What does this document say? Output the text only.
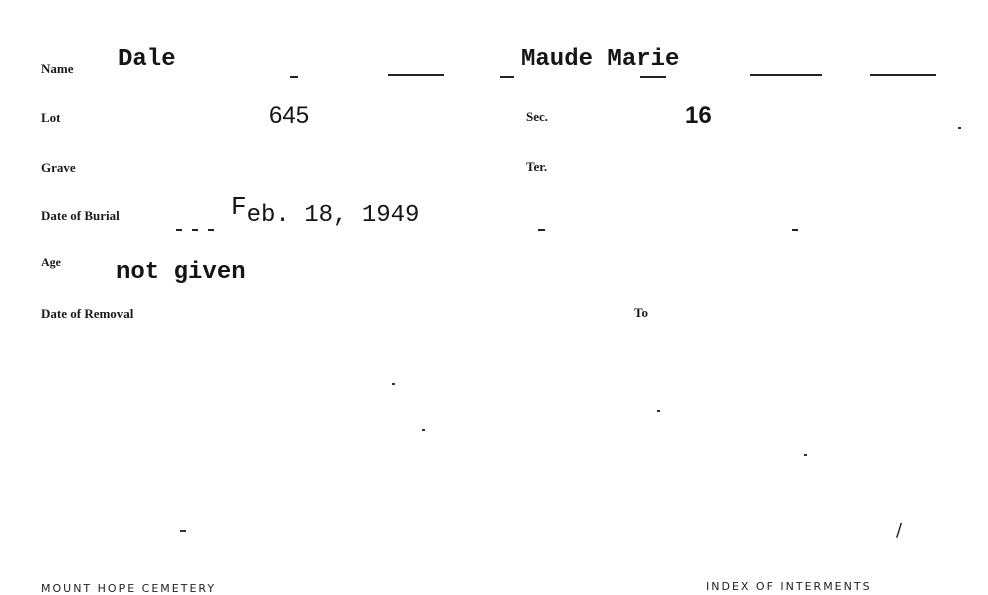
Name Dale	Maude Marie
Lot	645	Sec.	16
Grave	Ter.
Date of Burial	Feb. 18, 1949
Age not given
Date of Removal	To
/
MOUNT HOPE CEMETERY	INDEX OF INTERMENTS
